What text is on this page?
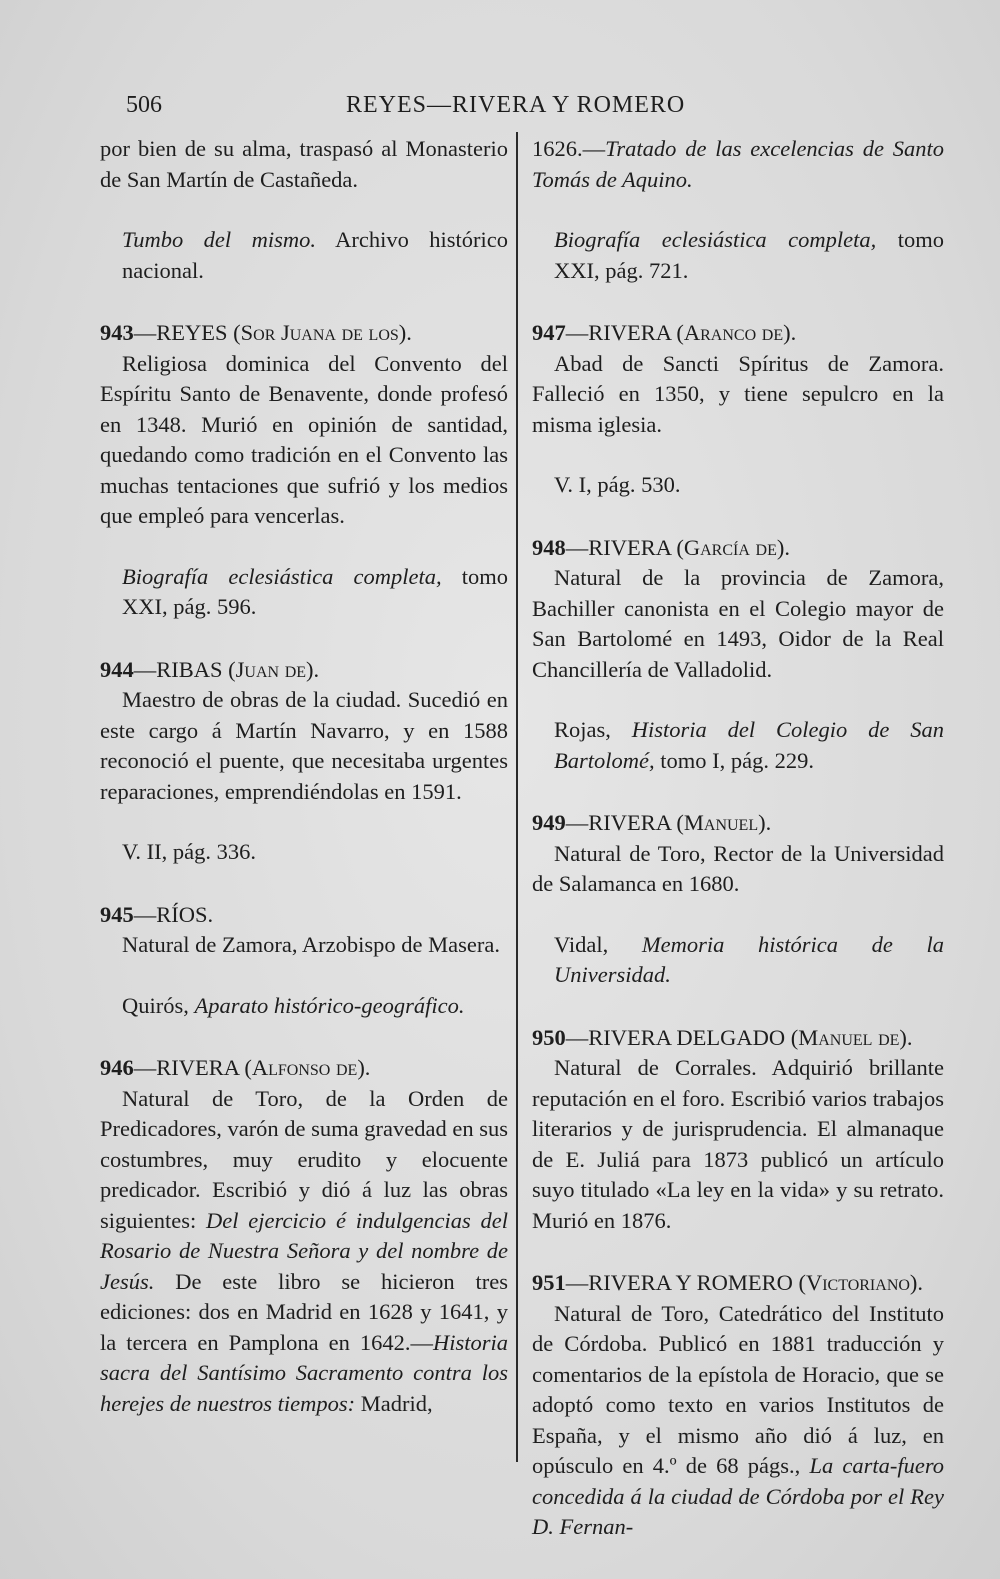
506	REYES—RIVERA Y ROMERO

por bien de su alma, traspasó al Monasterio de San Martín de Castañeda.

Tumbo del mismo. Archivo histórico nacional.

943—REYES (Sor Juana de los).

Religiosa dominica del Convento del Espíritu Santo de Benavente, donde profesó en 1348. Murió en opinión de santidad, quedando como tradición en el Convento las muchas tentaciones que sufrió y los medios que empleó para vencerlas.

Biografía eclesiástica completa, tomo XXI, pág. 596.

944—RIBAS (Juan de).

Maestro de obras de la ciudad. Sucedió en este cargo á Martín Navarro, y en 1588 reconoció el puente, que necesitaba urgentes reparaciones, emprendiéndolas en 1591.

V. II, pág. 336.

945—RÍOS.

Natural de Zamora, Arzobispo de Masera.

Quirós, Aparato histórico-geográfico.

946—RIVERA (Alfonso de).

Natural de Toro, de la Orden de Predicadores, varón de suma gravedad en sus costumbres, muy erudito y elocuente predicador. Escribió y dió á luz las obras siguientes: Del ejercicio é indulgencias del Rosario de Nuestra Señora y del nombre de Jesús. De este libro se hicieron tres ediciones: dos en Madrid en 1628 y 1641, y la tercera en Pamplona en 1642.—Historia sacra del Santísimo Sacramento contra los herejes de nuestros tiempos: Madrid,

1626.—Tratado de las excelencias de Santo Tomás de Aquino.

Biografía eclesiástica completa, tomo XXI, pág. 721.

947—RIVERA (Aranco de).

Abad de Sancti Spíritus de Zamora. Falleció en 1350, y tiene sepulcro en la misma iglesia.

V. I, pág. 530.

948—RIVERA (García de).

Natural de la provincia de Zamora, Bachiller canonista en el Colegio mayor de San Bartolomé en 1493, Oidor de la Real Chancillería de Valladolid.

Rojas, Historia del Colegio de San Bartolomé, tomo I, pág. 229.

949—RIVERA (Manuel).

Natural de Toro, Rector de la Universidad de Salamanca en 1680.

Vidal, Memoria histórica de la Universidad.

950—RIVERA DELGADO (Manuel de).

Natural de Corrales. Adquirió brillante reputación en el foro. Escribió varios trabajos literarios y de jurisprudencia. El almanaque de E. Juliá para 1873 publicó un artículo suyo titulado «La ley en la vida» y su retrato. Murió en 1876.

951—RIVERA Y ROMERO (Victoriano).

Natural de Toro, Catedrático del Instituto de Córdoba. Publicó en 1881 traducción y comentarios de la epístola de Horacio, que se adoptó como texto en varios Institutos de España, y el mismo año dió á luz, en opúsculo en 4.º de 68 págs., La carta-fuero concedida á la ciudad de Córdoba por el Rey D. Fernan-
